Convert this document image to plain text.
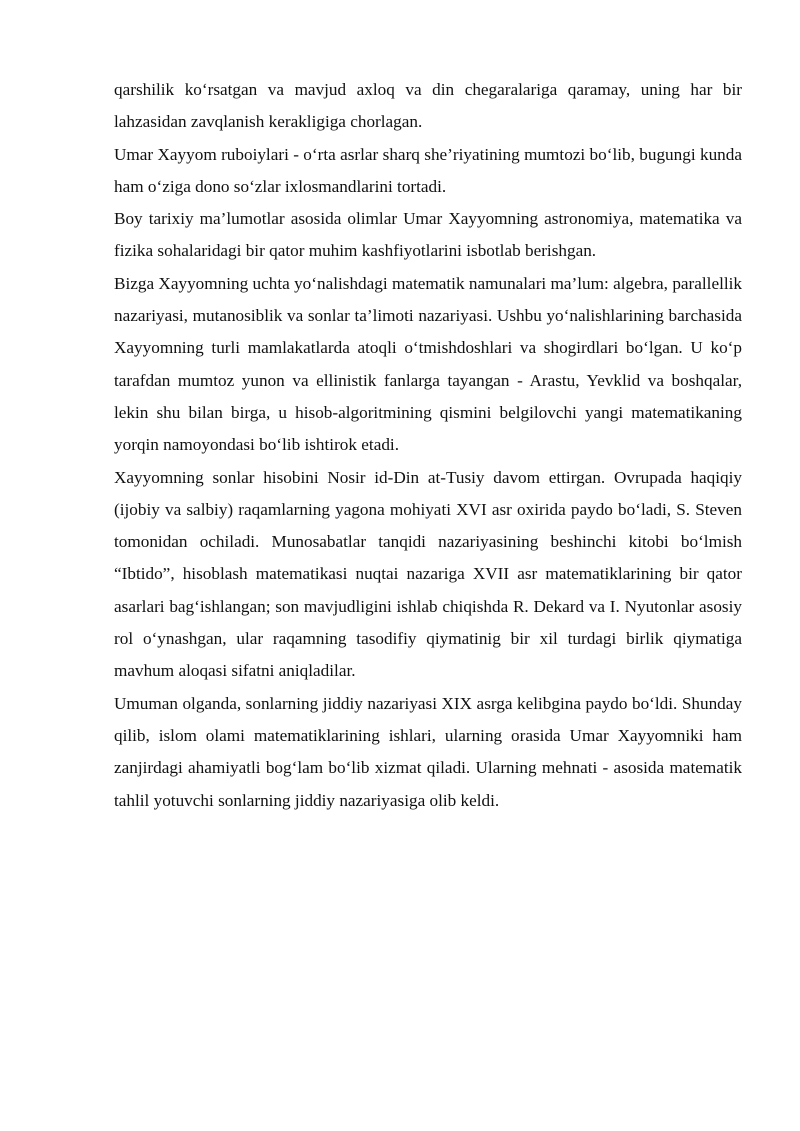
qarshilik ko‘rsatgan va mavjud axloq va din chegaralariga qaramay, uning har bir lahzasidan zavqlanish kerakligiga chorlagan.

Umar Xayyom ruboiylari - o‘rta asrlar sharq she’riyatining mumtozi bo‘lib, bugungi kunda ham o‘ziga dono so‘zlar ixlosmandlarini tortadi.

Boy tarixiy ma’lumotlar asosida olimlar Umar Xayyomning astronomiya, matematika va fizika sohalaridagi bir qator muhim kashfiyotlarini isbotlab berishgan.

Bizga Xayyomning uchta yo‘nalishdagi matematik namunalari ma’lum: algebra, parallellik nazariyasi, mutanosiblik va sonlar ta’limoti nazariyasi. Ushbu yo‘nalishlarining barchasida Xayyomning turli mamlakatlarda atoqli o‘tmishdoshlari va shogirdlari bo‘lgan. U ko‘p tarafdan mumtoz yunon va ellinistik fanlarga tayangan - Arastu, Yevklid va boshqalar, lekin shu bilan birga, u hisob-algoritmining qismini belgilovchi yangi matematikaning yorqin namoyondasi bo‘lib ishtirok etadi.

Xayyomning sonlar hisobini Nosir id-Din at-Tusiy davom ettirgan. Ovrupada haqiqiy (ijobiy va salbiy) raqamlarning yagona mohiyati XVI asr oxirida paydo bo‘ladi, S. Steven tomonidan ochiladi. Munosabatlar tanqidi nazariyasining beshinchi kitobi bo‘lmish “Ibtido”, hisoblash matematikasi nuqtai nazariga XVII asr matematiklarining bir qator asarlari bag‘ishlangan; son mavjudligini ishlab chiqishda R. Dekard va I. Nyutonlar asosiy rol o‘ynashgan, ular raqamning tasodifiy qiymatinig bir xil turdagi birlik qiymatiga mavhum aloqasi sifatni aniqladilar.

Umuman olganda, sonlarning jiddiy nazariyasi XIX asrga kelibgina paydo bo‘ldi. Shunday qilib, islom olami matematiklarining ishlari, ularning orasida Umar Xayyomniki ham zanjirdagi ahamiyatli bog‘lam bo‘lib xizmat qiladi. Ularning mehnati - asosida matematik tahlil yotuvchi sonlarning jiddiy nazariyasiga olib keldi.
